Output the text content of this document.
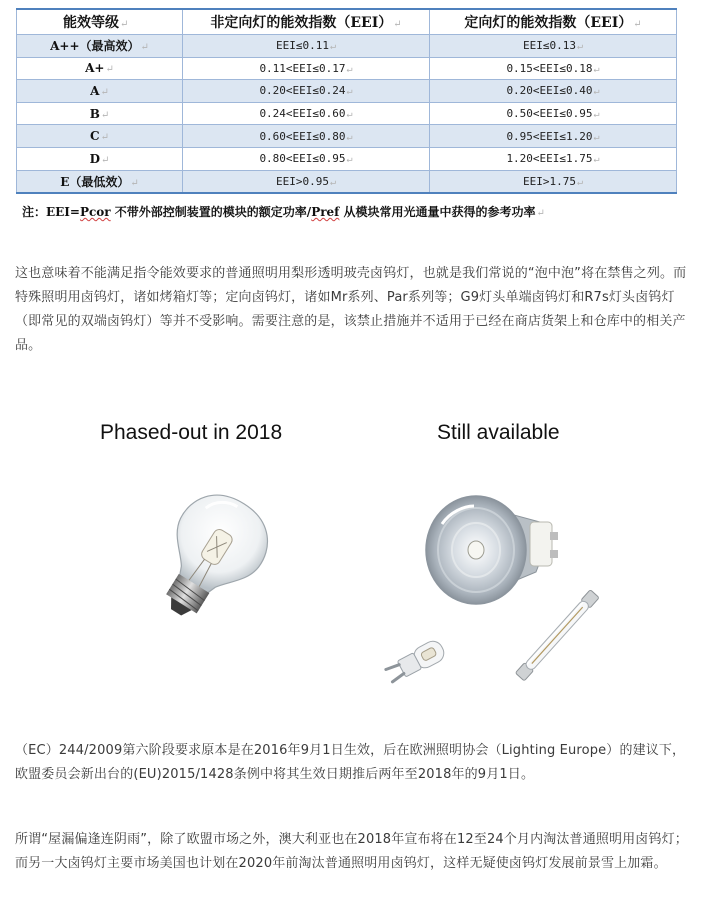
能效等级↵	非定向灯的能效指数（EEI）↵	定向灯的能效指数（EEI）↵
A++（最高效）↵	EEI≤0.11↵	EEI≤0.13↵
A+↵	0.11<EEI≤0.17↵	0.15<EEI≤0.18↵
A↵	0.20<EEI≤0.24↵	0.20<EEI≤0.40↵
B↵	0.24<EEI≤0.60↵	0.50<EEI≤0.95↵
C↵	0.60<EEI≤0.80↵	0.95<EEI≤1.20↵
D↵	0.80<EEI≤0.95↵	1.20<EEI≤1.75↵
E（最低效）↵	EEI>0.95↵	EEI>1.75↵
注：EEI=Pcor 不带外部控制装置的模块的额定功率/Pref 从模块常用光通量中获得的参考功率↵

这也意味着不能满足指令能效要求的普通照明用梨形透明玻壳卤钨灯，也就是我们常说的“泡中泡”将在禁售之列。而特殊照明用卤钨灯，诸如烤箱灯等；定向卤钨灯，诸如Mr系列、Par系列等；G9灯头单端卤钨灯和R7s灯头卤钨灯（即常见的双端卤钨灯）等并不受影响。需要注意的是，该禁止措施并不适用于已经在商店货架上和仓库中的相关产品。

Phased-out in 2018	Still available

（EC）244/2009第六阶段要求原本是在2016年9月1日生效，后在欧洲照明协会（Lighting Europe）的建议下，欧盟委员会新出台的(EU)2015/1428条例中将其生效日期推后两年至2018年的9月1日。

所谓“屋漏偏逢连阴雨”，除了欧盟市场之外，澳大利亚也在2018年宣布将在12至24个月内淘汰普通照明用卤钨灯；而另一大卤钨灯主要市场美国也计划在2020年前淘汰普通照明用卤钨灯，这样无疑使卤钨灯发展前景雪上加霜。
